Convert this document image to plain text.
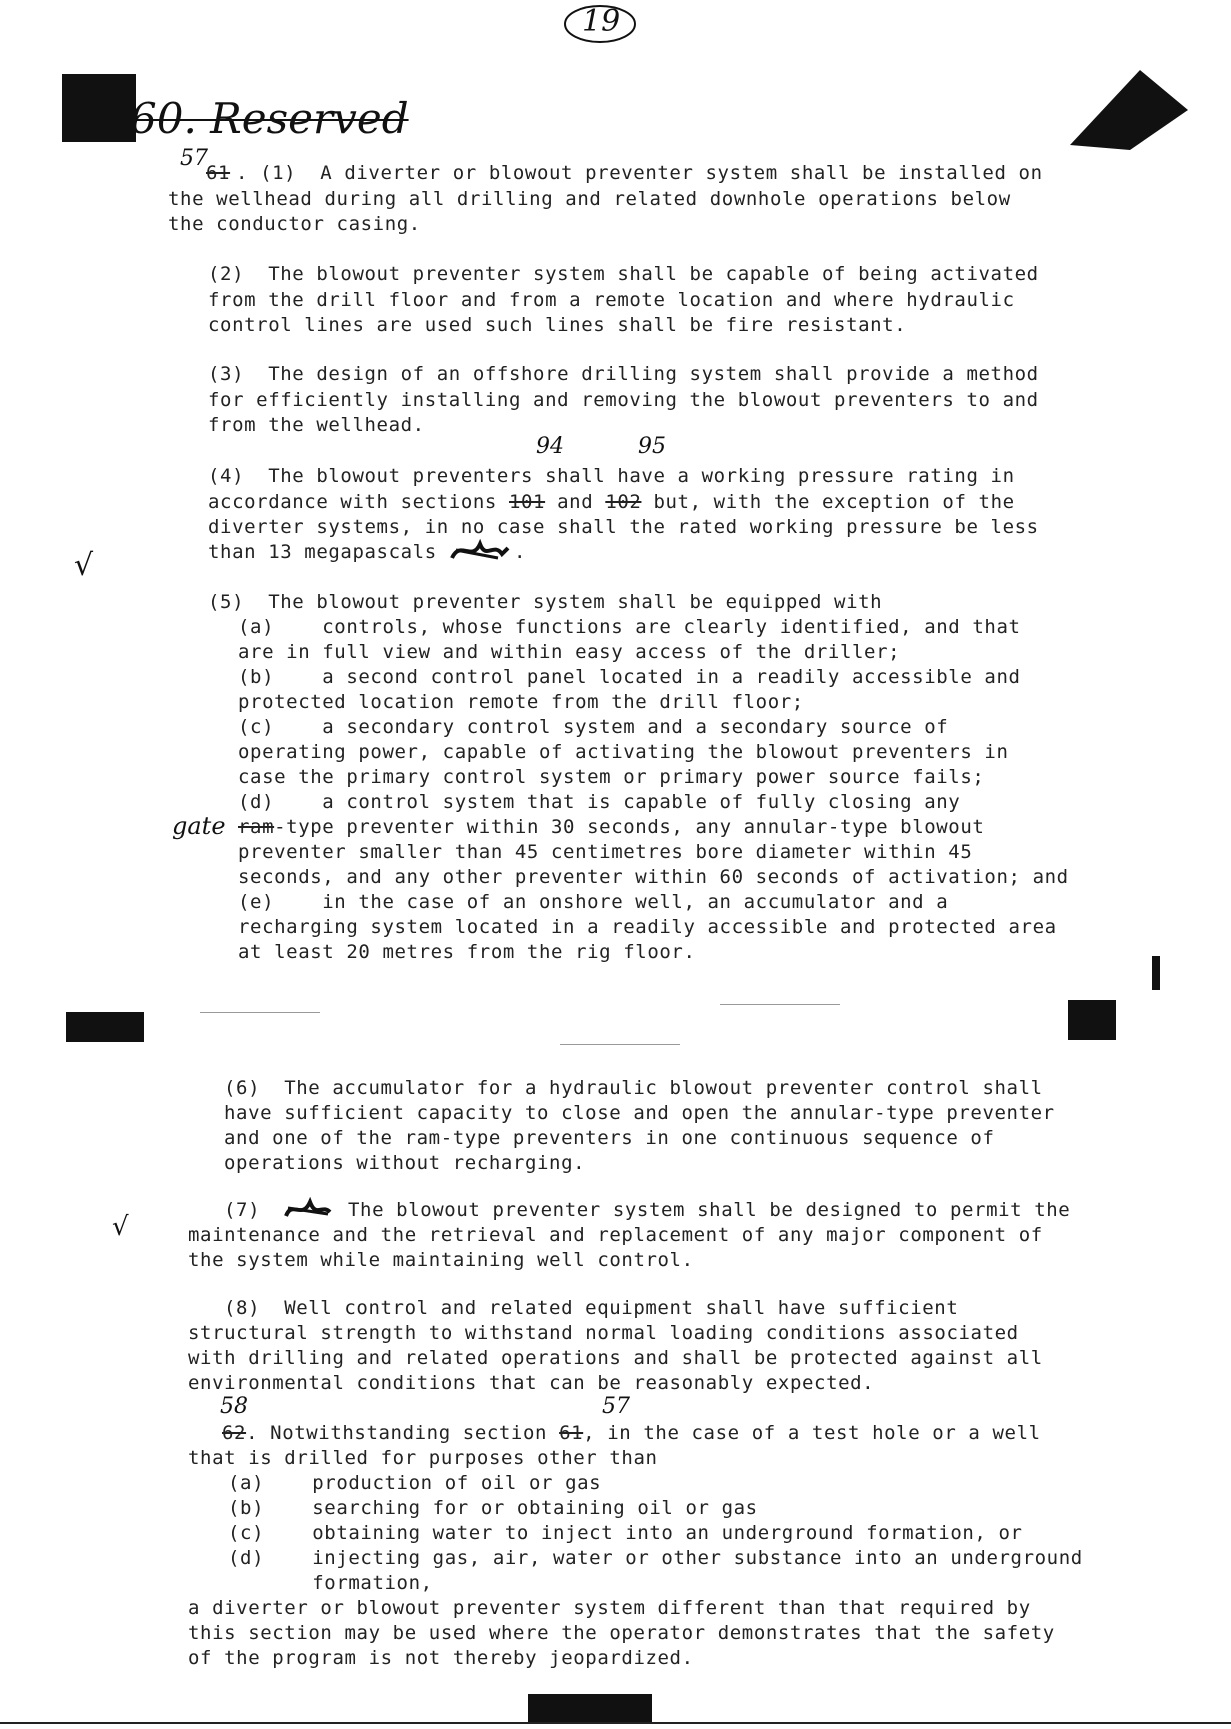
19
60. Reserved
57
61 . (1)  A diverter or blowout preventer system shall be installed on
the wellhead during all drilling and related downhole operations below
the conductor casing.
(2)  The blowout preventer system shall be capable of being activated
from the drill floor and from a remote location and where hydraulic
control lines are used such lines shall be fire resistant.
(3)  The design of an offshore drilling system shall provide a method
for efficiently installing and removing the blowout preventers to and
from the wellhead.
94	95
(4)  The blowout preventers shall have a working pressure rating in
accordance with sections 101 and 102 but, with the exception of the
diverter systems, in no case shall the rated working pressure be less
than 13 megapascals	.
√
(5)  The blowout preventer system shall be equipped with
(a)    controls, whose functions are clearly identified, and that
are in full view and within easy access of the driller;
(b)    a second control panel located in a readily accessible and
protected location remote from the drill floor;
(c)    a secondary control system and a secondary source of
operating power, capable of activating the blowout preventers in
case the primary control system or primary power source fails;
(d)    a control system that is capable of fully closing any
gate ram-type preventer within 30 seconds, any annular-type blowout
preventer smaller than 45 centimetres bore diameter within 45
seconds, and any other preventer within 60 seconds of activation; and
(e)    in the case of an onshore well, an accumulator and a
recharging system located in a readily accessible and protected area
at least 20 metres from the rig floor.
(6)  The accumulator for a hydraulic blowout preventer control shall
have sufficient capacity to close and open the annular-type preventer
and one of the ram-type preventers in one continuous sequence of
operations without recharging.
(7)	The blowout preventer system shall be designed to permit the
maintenance and the retrieval and replacement of any major component of
the system while maintaining well control.
√
(8)  Well control and related equipment shall have sufficient
structural strength to withstand normal loading conditions associated
with drilling and related operations and shall be protected against all
environmental conditions that can be reasonably expected.
58	57
62. Notwithstanding section 61, in the case of a test hole or a well
that is drilled for purposes other than
(a)    production of oil or gas
(b)    searching for or obtaining oil or gas
(c)    obtaining water to inject into an underground formation, or
(d)    injecting gas, air, water or other substance into an underground
formation,
a diverter or blowout preventer system different than that required by
this section may be used where the operator demonstrates that the safety
of the program is not thereby jeopardized.
